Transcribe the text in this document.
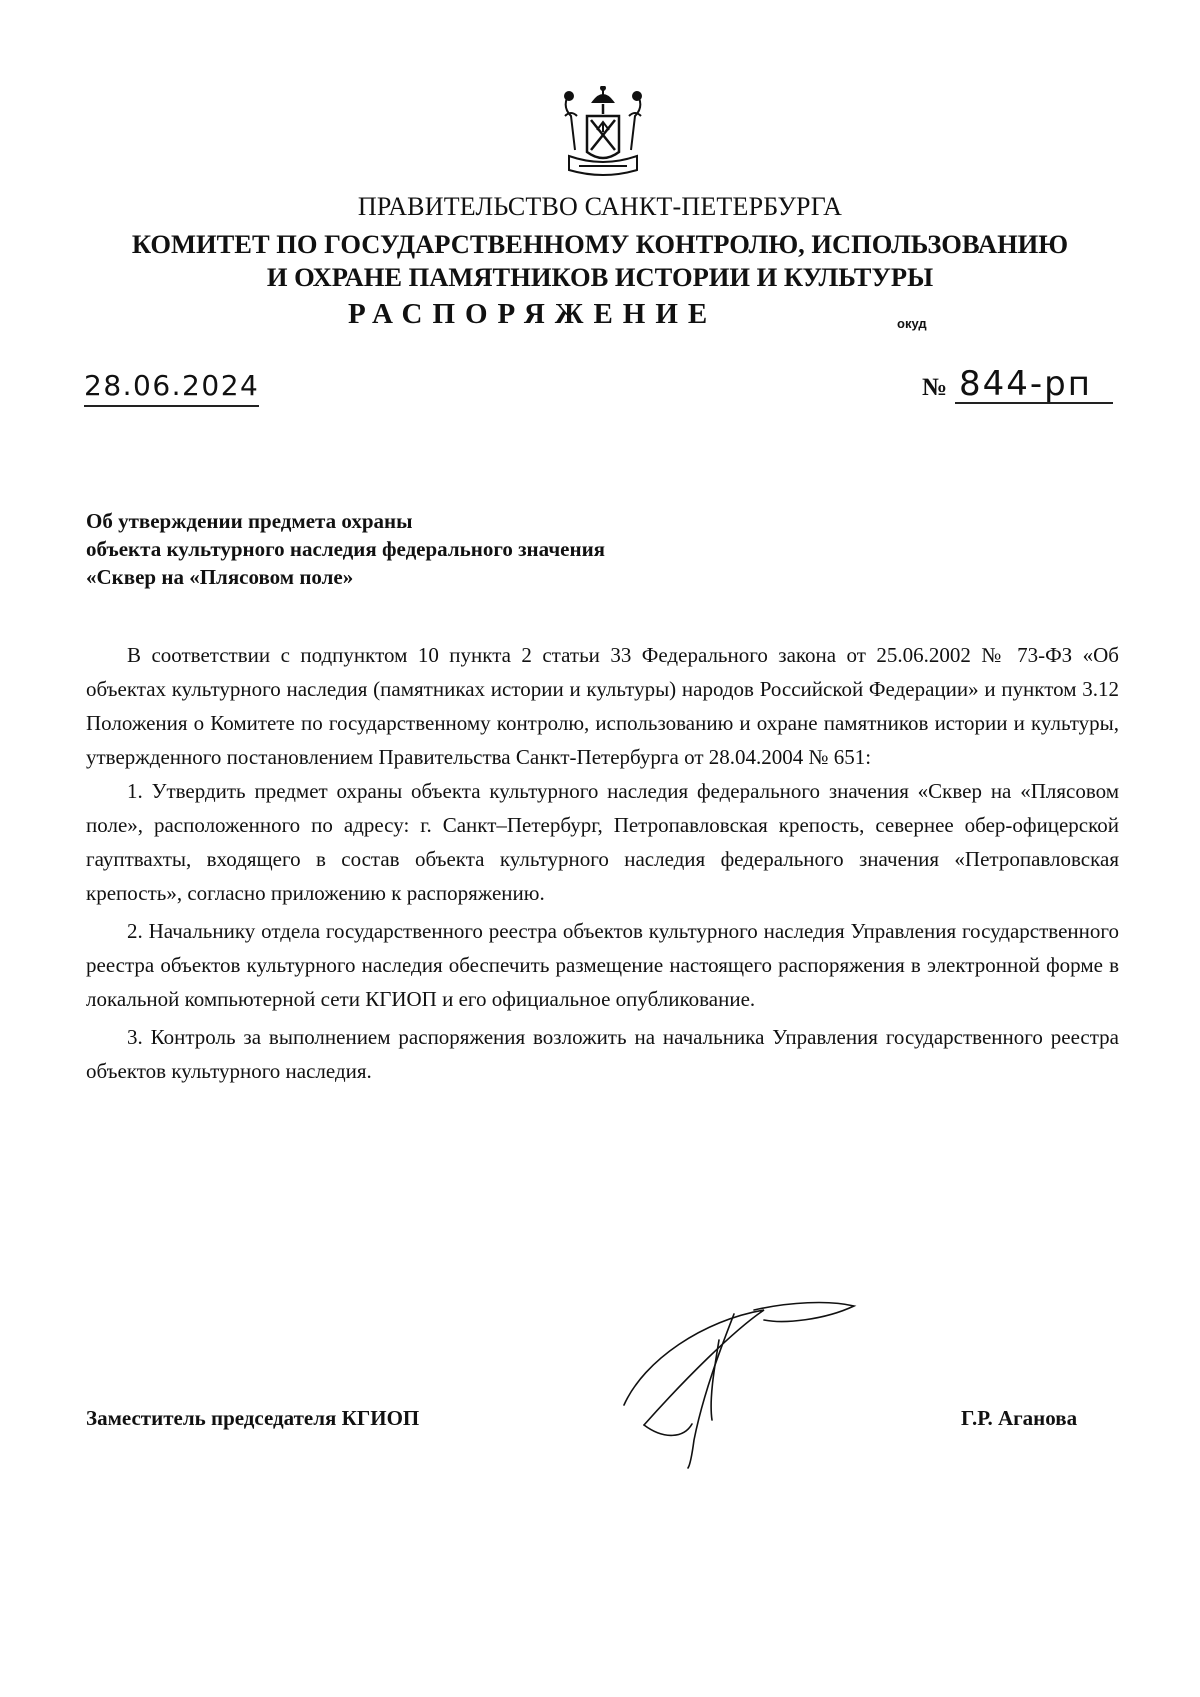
ПРАВИТЕЛЬСТВО САНКТ-ПЕТЕРБУРГА
КОМИТЕТ ПО ГОСУДАРСТВЕННОМУ КОНТРОЛЮ, ИСПОЛЬЗОВАНИЮ
И ОХРАНЕ ПАМЯТНИКОВ ИСТОРИИ И КУЛЬТУРЫ
РАСПОРЯЖЕНИЕ	окуд
28.06.2024	№ 844-рп
Об утверждении предмета охраны
объекта культурного наследия федерального значения
«Сквер на «Плясовом поле»

В соответствии с подпунктом 10 пункта 2 статьи 33 Федерального закона от 25.06.2002 № 73-ФЗ «Об объектах культурного наследия (памятниках истории и культуры) народов Российской Федерации» и пунктом 3.12 Положения о Комитете по государственному контролю, использованию и охране памятников истории и культуры, утвержденного постановлением Правительства Санкт-Петербурга от 28.04.2004 № 651:

1. Утвердить предмет охраны объекта культурного наследия федерального значения «Сквер на «Плясовом поле», расположенного по адресу: г. Санкт–Петербург, Петропавловская крепость, севернее обер-офицерской гауптвахты, входящего в состав объекта культурного наследия федерального значения «Петропавловская крепость», согласно приложению к распоряжению.

2. Начальнику отдела государственного реестра объектов культурного наследия Управления государственного реестра объектов культурного наследия обеспечить размещение настоящего распоряжения в электронной форме в локальной компьютерной сети КГИОП и его официальное опубликование.

3. Контроль за выполнением распоряжения возложить на начальника Управления государственного реестра объектов культурного наследия.

Заместитель председателя КГИОП	Г.Р. Аганова
